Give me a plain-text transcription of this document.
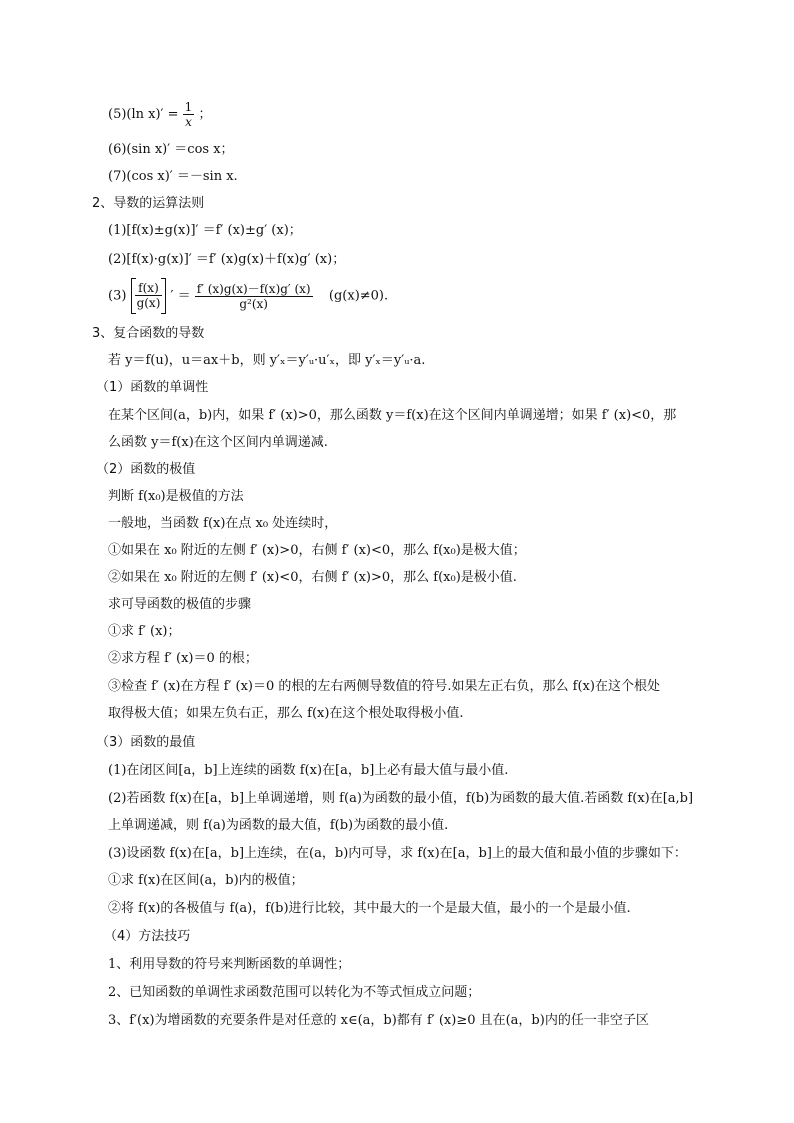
(5)(ln $x)' = \frac{1}{x}$ ；
(6)(sin x)′ ＝cos x；
(7)(cos x)′ ＝－sin x.
2、导数的运算法则
(1)[f(x)±g(x)]′ ＝f′ (x)±g′ (x)；
(2)[f(x)·g(x)]′ ＝f′ (x)g(x)＋f(x)g′ (x)；
$(3) \frac{f(x)}{g(x)}$ ′ ＝ $\frac{f' (x)g(x)-f(x)g' (x)}{\text{g²(x)}} (g(x)\ne 0)$.
3、复合函数的导数
若 y＝f(u)，u＝ax＋b，则 y′ₓ＝y′ᵤ·u′ₓ，即 y′ₓ＝y′ᵤ·a.
（1）函数的单调性
在某个区间(a，b)内，如果 f′ (x)>0，那么函数 y＝f(x)在这个区间内单调递增；如果 f′ (x)<0，那
么函数 y＝f(x)在这个区间内单调递减.
（2）函数的极值
判断 f(x₀)是极值的方法
一般地，当函数 f(x)在点 x₀ 处连续时，
①如果在 x₀ 附近的左侧 f′ (x)>0，右侧 f′ (x)<0，那么 f(x₀)是极大值；
②如果在 x₀ 附近的左侧 f′ (x)<0，右侧 f′ (x)>0，那么 f(x₀)是极小值.
求可导函数的极值的步骤
①求 f′ (x)；
②求方程 f′ (x)＝0 的根；
③检查 f′ (x)在方程 f′ (x)＝0 的根的左右两侧导数值的符号.如果左正右负，那么 f(x)在这个根处
取得极大值；如果左负右正，那么 f(x)在这个根处取得极小值.
（3）函数的最值
(1)在闭区间[a，b]上连续的函数 f(x)在[a，b]上必有最大值与最小值.
(2)若函数 f(x)在[a，b]上单调递增，则 f(a)为函数的最小值，f(b)为函数的最大值.若函数 f(x)在[a,b]
上单调递减，则 f(a)为函数的最大值，f(b)为函数的最小值.
(3)设函数 f(x)在[a，b]上连续，在(a，b)内可导，求 f(x)在[a，b]上的最大值和最小值的步骤如下：
①求 f(x)在区间(a，b)内的极值；
②将 f(x)的各极值与 f(a)，f(b)进行比较，其中最大的一个是最大值，最小的一个是最小值.
（4）方法技巧
1、利用导数的符号来判断函数的单调性；
2、已知函数的单调性求函数范围可以转化为不等式恒成立问题；
3、f′(x)为增函数的充要条件是对任意的 x∈(a，b)都有 f′ (x)≥0 且在(a，b)内的任一非空子区
